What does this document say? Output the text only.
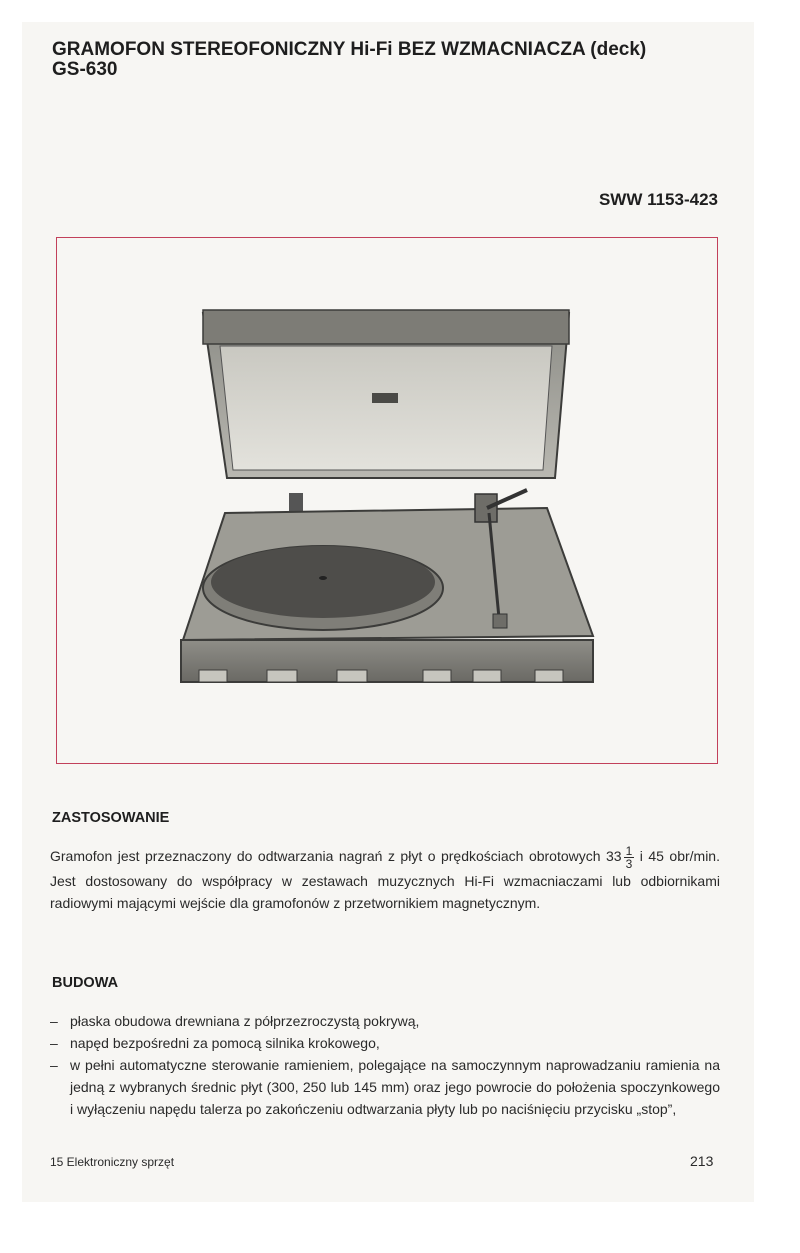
GRAMOFON STEREOFONICZNY Hi-Fi BEZ WZMACNIACZA (deck)
GS-630
SWW 1153-423
ZASTOSOWANIE
Gramofon jest przeznaczony do odtwarzania nagrań z płyt o prędkościach obrotowych $33 \frac{1}{3}$ i 45 obr/min. Jest dostosowany do współpracy w zestawach muzycznych Hi-Fi wzmacniaczami lub odbiornikami radiowymi mającymi wejście dla gramofonów z przetwornikiem magnetycznym.
BUDOWA
– płaska obudowa drewniana z półprzezroczystą pokrywą,
– napęd bezpośredni za pomocą silnika krokowego,
– w pełni automatyczne sterowanie ramieniem, polegające na samoczynnym naprowadzaniu ramienia na jedną z wybranych średnic płyt (300, 250 lub 145 mm) oraz jego powrocie do położenia spoczynkowego i wyłączeniu napędu talerza po zakończeniu odtwarzania płyty lub po naciśnięciu przycisku „stop”,
15 Elektroniczny sprzęt	213
